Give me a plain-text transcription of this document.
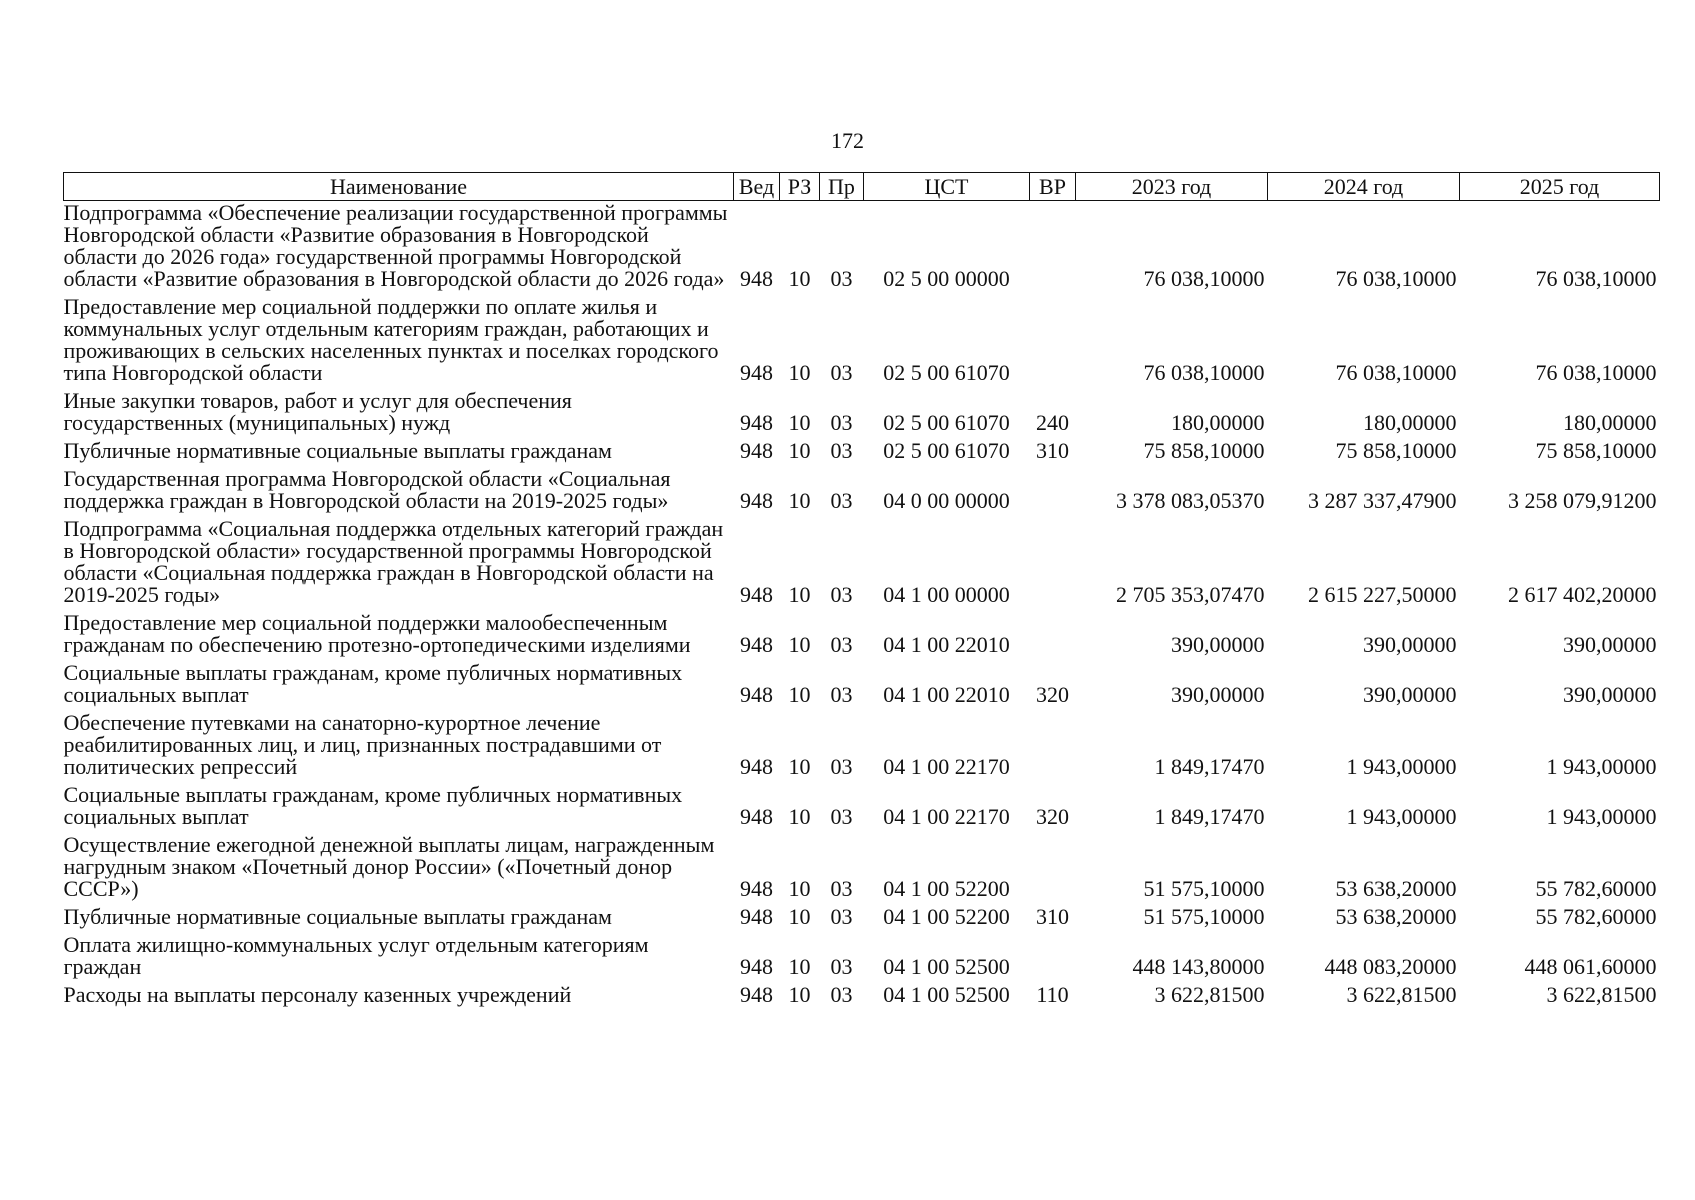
172
Наименование	Вед	РЗ	Пр	ЦСТ	ВР	2023 год	2024 год	2025 год
Подпрограмма «Обеспечение реализации государственной программы Новгородской области «Развитие образования в Новгородской области до 2026 года» государственной программы Новгородской области «Развитие образования в Новгородской области до 2026 года»	948	10	03	02 5 00 00000		76 038,10000	76 038,10000	76 038,10000
Предоставление мер социальной поддержки по оплате жилья и коммунальных услуг отдельным категориям граждан, работающих и проживающих в сельских населенных пунктах и поселках городского типа Новгородской области	948	10	03	02 5 00 61070		76 038,10000	76 038,10000	76 038,10000
Иные закупки товаров, работ и услуг для обеспечения государственных (муниципальных) нужд	948	10	03	02 5 00 61070	240	180,00000	180,00000	180,00000
Публичные нормативные социальные выплаты гражданам	948	10	03	02 5 00 61070	310	75 858,10000	75 858,10000	75 858,10000
Государственная программа Новгородской области «Социальная поддержка граждан в Новгородской области на 2019-2025 годы»	948	10	03	04 0 00 00000		3 378 083,05370	3 287 337,47900	3 258 079,91200
Подпрограмма «Социальная поддержка отдельных категорий граждан в Новгородской области» государственной программы Новгородской области «Социальная поддержка граждан в Новгородской области на 2019-2025 годы»	948	10	03	04 1 00 00000		2 705 353,07470	2 615 227,50000	2 617 402,20000
Предоставление мер социальной поддержки малообеспеченным гражданам по обеспечению протезно-ортопедическими изделиями	948	10	03	04 1 00 22010		390,00000	390,00000	390,00000
Социальные выплаты гражданам, кроме публичных нормативных социальных выплат	948	10	03	04 1 00 22010	320	390,00000	390,00000	390,00000
Обеспечение путевками на санаторно-курортное лечение реабилитированных лиц, и лиц, признанных пострадавшими от политических репрессий	948	10	03	04 1 00 22170		1 849,17470	1 943,00000	1 943,00000
Социальные выплаты гражданам, кроме публичных нормативных социальных выплат	948	10	03	04 1 00 22170	320	1 849,17470	1 943,00000	1 943,00000
Осуществление ежегодной денежной выплаты лицам, награжденным нагрудным знаком «Почетный донор России» («Почетный донор СССР»)	948	10	03	04 1 00 52200		51 575,10000	53 638,20000	55 782,60000
Публичные нормативные социальные выплаты гражданам	948	10	03	04 1 00 52200	310	51 575,10000	53 638,20000	55 782,60000
Оплата жилищно-коммунальных услуг отдельным категориям граждан	948	10	03	04 1 00 52500		448 143,80000	448 083,20000	448 061,60000
Расходы на выплаты персоналу казенных учреждений	948	10	03	04 1 00 52500	110	3 622,81500	3 622,81500	3 622,81500
